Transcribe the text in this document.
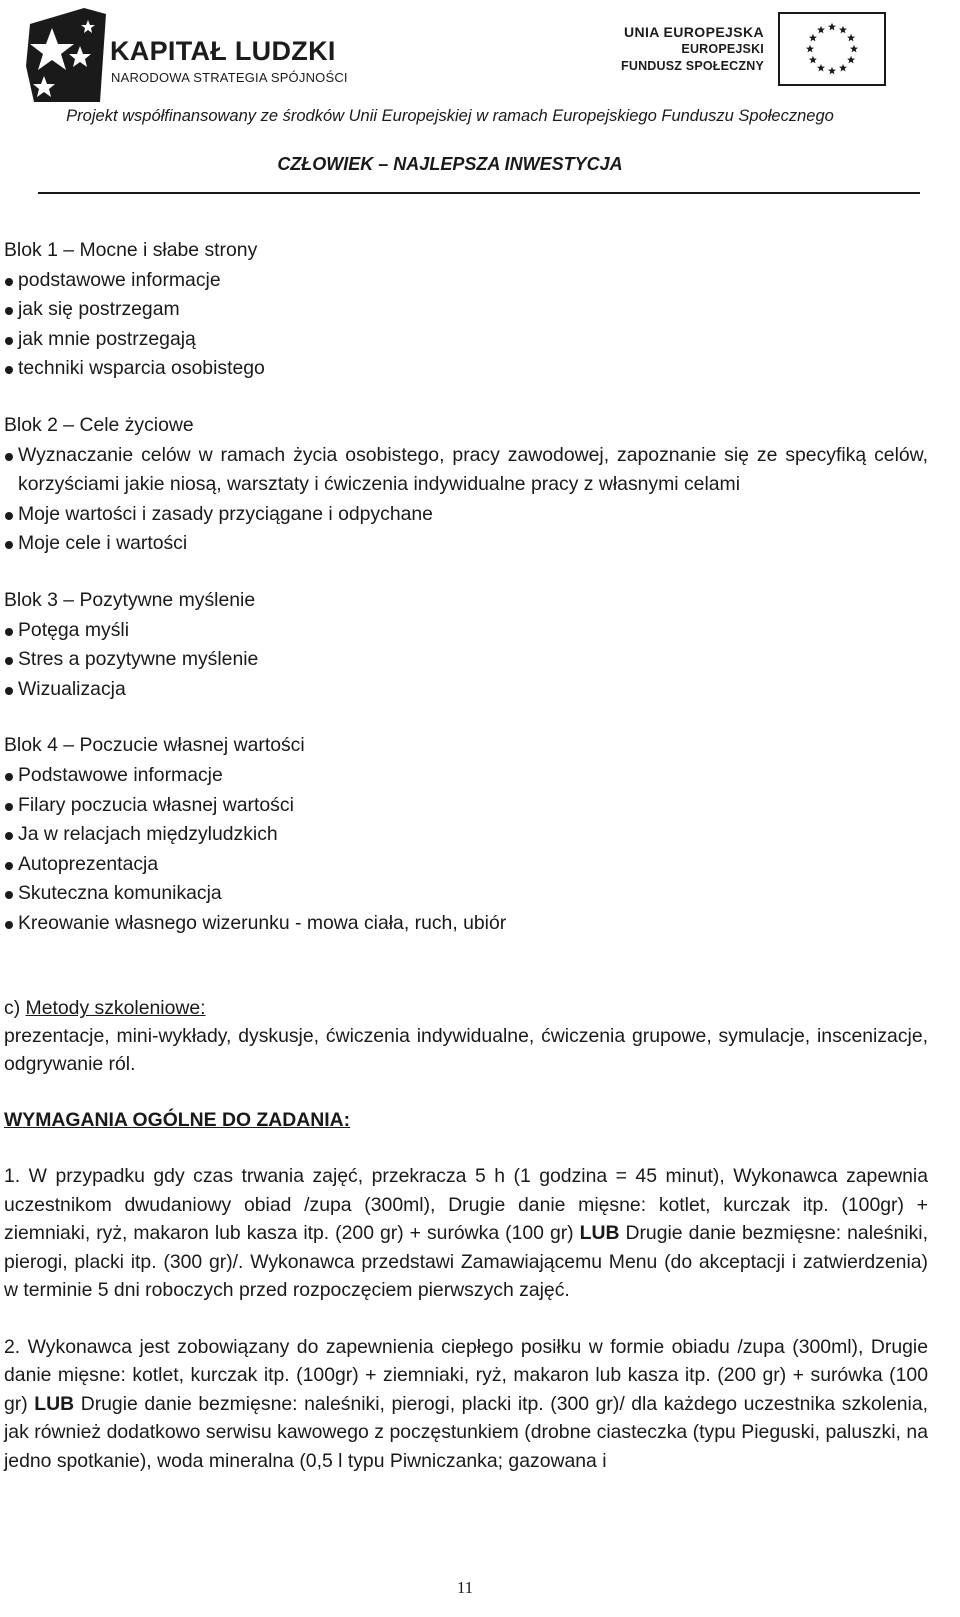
KAPITAŁ LUDZKI
NARODOWA STRATEGIA SPÓJNOŚCI
UNIA EUROPEJSKA
EUROPEJSKI
FUNDUSZ SPOŁECZNY
Projekt współfinansowany ze środków Unii Europejskiej w ramach Europejskiego Funduszu Społecznego
CZŁOWIEK – NAJLEPSZA INWESTYCJA
Blok 1 – Mocne i słabe strony
podstawowe informacje
jak się postrzegam
jak mnie postrzegają
techniki wsparcia osobistego
Blok 2 – Cele życiowe
Wyznaczanie celów w ramach życia osobistego, pracy zawodowej, zapoznanie się ze specyfiką celów, korzyściami jakie niosą, warsztaty i ćwiczenia indywidualne pracy z własnymi celami
Moje wartości i zasady przyciągane i odpychane
Moje cele i wartości
Blok 3 – Pozytywne myślenie
Potęga myśli
Stres a pozytywne myślenie
Wizualizacja
Blok 4 – Poczucie własnej wartości
Podstawowe informacje
Filary poczucia własnej wartości
Ja w relacjach międzyludzkich
Autoprezentacja
Skuteczna komunikacja
Kreowanie własnego wizerunku - mowa ciała, ruch, ubiór
c) Metody szkoleniowe:
prezentacje, mini-wykłady, dyskusje, ćwiczenia indywidualne, ćwiczenia grupowe, symulacje, inscenizacje, odgrywanie ról.
WYMAGANIA OGÓLNE DO ZADANIA:
1. W przypadku gdy czas trwania zajęć, przekracza 5 h (1 godzina = 45 minut), Wykonawca zapewnia uczestnikom dwudaniowy obiad /zupa (300ml), Drugie danie mięsne: kotlet, kurczak itp. (100gr) + ziemniaki, ryż, makaron lub kasza itp. (200 gr) + surówka (100 gr) LUB Drugie danie bezmięsne: naleśniki, pierogi, placki itp. (300 gr)/. Wykonawca przedstawi Zamawiającemu Menu (do akceptacji i zatwierdzenia) w terminie 5 dni roboczych przed rozpoczęciem pierwszych zajęć.
2. Wykonawca jest zobowiązany do zapewnienia ciepłego posiłku w formie obiadu /zupa (300ml), Drugie danie mięsne: kotlet, kurczak itp. (100gr) + ziemniaki, ryż, makaron lub kasza itp. (200 gr) + surówka (100 gr) LUB Drugie danie bezmięsne: naleśniki, pierogi, placki itp. (300 gr)/ dla każdego uczestnika szkolenia, jak również dodatkowo serwisu kawowego z poczęstunkiem (drobne ciasteczka (typu Pieguski, paluszki, na jedno spotkanie), woda mineralna (0,5 l typu Piwniczanka; gazowana i
11
